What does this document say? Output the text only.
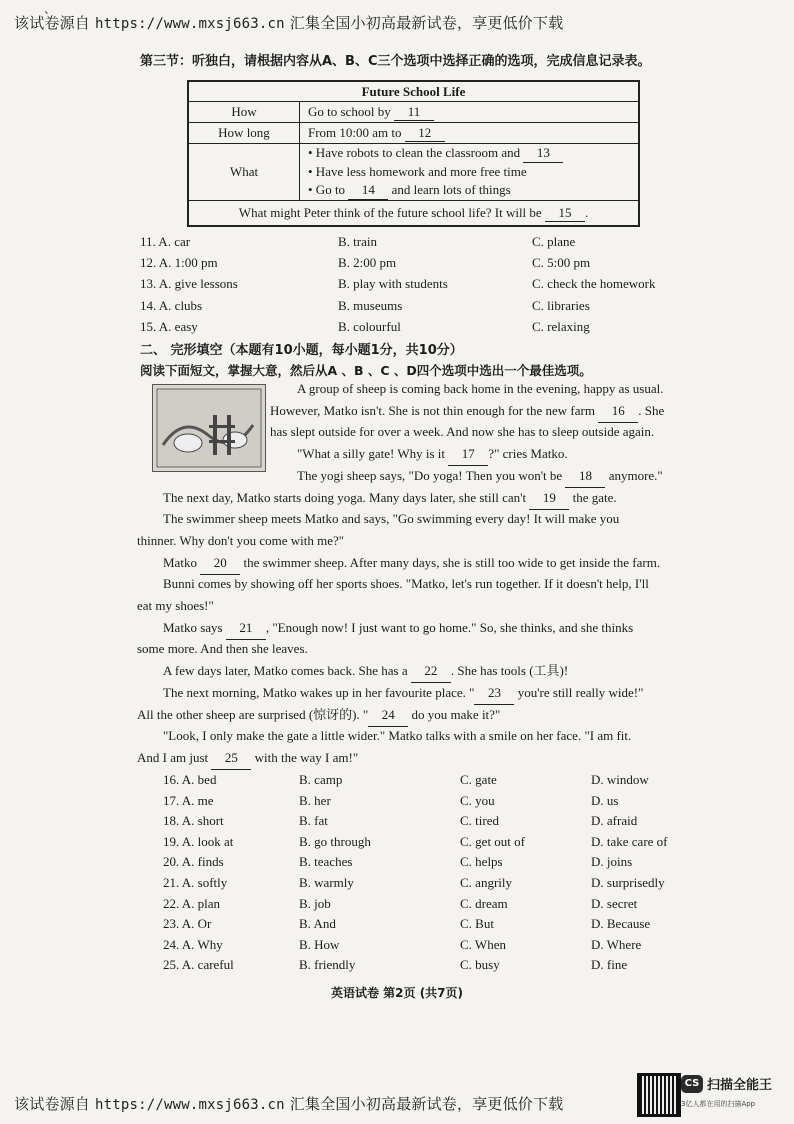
、
该试卷源自 https://www.mxsj663.cn 汇集全国小初高最新试卷，享更低价下载
第三节：听独白，请根据内容从A、B、C三个选项中选择正确的选项，完成信息记录表。
Future School Life	
How	Go to school by 11
How long	From 10:00 am to 12
What	• Have robots to clean the classroom and 13
• Have less homework and more free time
• Go to 14 and learn lots of things

What might Peter think of the future school life? It will be 15 .	
11. A. car	B. train	C. plane
12. A. 1:00 pm	B. 2:00 pm	C. 5:00 pm
13. A. give lessons	B. play with students	C. check the homework
14. A. clubs	B. museums	C. libraries
15. A. easy	B. colourful	C. relaxing
二、 完形填空（本题有10小题，每小题1分，共10分）
阅读下面短文，掌握大意，然后从A 、B 、C 、D四个选项中选出一个最佳选项。
A group of sheep is coming back home in the evening, happy as usual.
However, Matko isn't. She is not thin enough for the new farm 16 . She
has slept outside for over a week. And now she has to sleep outside again.
"What a silly gate! Why is it 17 ?" cries Matko.
The yogi sheep says, "Do yoga! Then you won't be 18 anymore."
The next day, Matko starts doing yoga. Many days later, she still can't 19 the gate.
The swimmer sheep meets Matko and says, "Go swimming every day! It will make you
thinner. Why don't you come with me?"
Matko 20 the swimmer sheep. After many days, she is still too wide to get inside the farm.
Bunni comes by showing off her sports shoes. "Matko, let's run together. If it doesn't help, I'll
eat my shoes!"
Matko says 21 , "Enough now! I just want to go home." So, she thinks, and she thinks
some more. And then she leaves.
A few days later, Matko comes back. She has a 22 . She has tools (工具)!
The next morning, Matko wakes up in her favourite place. " 23 you're still really wide!"
All the other sheep are surprised (惊讶的). " 24 do you make it?"
"Look, I only make the gate a little wider." Matko talks with a smile on her face. "I am fit.
And I am just 25 with the way I am!"
16. A. bed	B. camp	C. gate	D. window
17. A. me	B. her	C. you	D. us
18. A. short	B. fat	C. tired	D. afraid
19. A. look at	B. go through	C. get out of	D. take care of
20. A. finds	B. teaches	C. helps	D. joins
21. A. softly	B. warmly	C. angrily	D. surprisedly
22. A. plan	B. job	C. dream	D. secret
23. A. Or	B. And	C. But	D. Because
24. A. Why	B. How	C. When	D. Where
25. A. careful	B. friendly	C. busy	D. fine
英语试卷 第2页 (共7页)
该试卷源自 https://www.mxsj663.cn 汇集全国小初高最新试卷，享更低价下载
CS 扫描全能王
3亿人都在用的扫描App
